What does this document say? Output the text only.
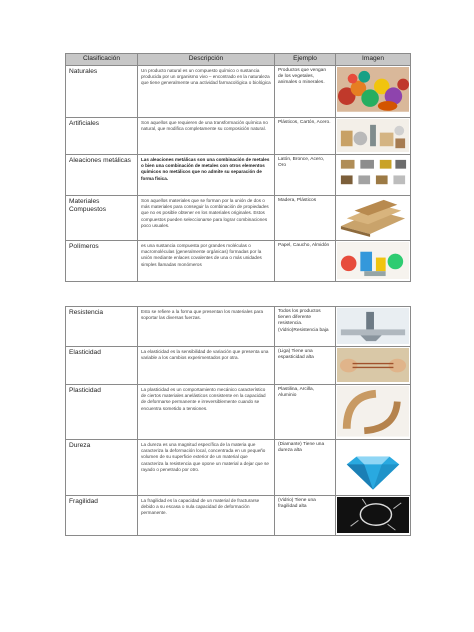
Clasificación	Descripción	Ejemplo	Imagen
Naturales	Un producto natural es un compuesto químico o sustancia producida por un organismo vivo – encontrado en la naturaleza que tiene generalmente una actividad farmacológica o biológica	Productos que vengan de los vegetales, animales o minerales.	

Artificiales	Son aquellos que requieren de una transformación química no natural, que modifica completamente su composición natural.	Plásticos, Cartón, Acero.	

Aleaciones metálicas	Las aleaciones metálicas son una combinación de metales o bien una combinación de metales con otros elementos químicos no metálicos que no admite su separación de forma física.	Latón, Bronce, Acero, Oro	

Materiales Compuestos	Son aquellos materiales que se forman por la unión de dos o más materiales para conseguir la combinación de propiedades que no es posible obtener en los materiales originales. Estos compuestos pueden seleccionarse para lograr combinaciones poco usuales.	Madera, Plásticos	

Polímeros	es una sustancia compuesta por grandes moléculas o macromoléculas (generalmente orgánicas) formadas por la unión mediante enlaces covalentes de una o más unidades simples llamadas monómeros	Papel, Caucho, Almidón	
Resistencia	Esto se refiere a la forma que presentan los materiales para soportar las diversas fuerzas.	Todos los productos tienen diferente resistencia. (Vidrio)Resistencia baja	

Elasticidad	La elasticidad es la sensibilidad de variación que presenta una variable a los cambios experimentados por otra.	(Liga) Tiene una espasticidad alta	

Plasticidad	La plasticidad es un comportamiento mecánico característico de ciertos materiales anelásticos consistente en la capacidad de deformarse permanente e irreversiblemente cuando se encuentra sometido a tensiones.	Plastilina, Arcilla, Aluminio	

Dureza	La dureza es una magnitud específica de la materia que caracteriza la deformación local, concentrada en un pequeño volumen de su superficie exterior de un material que caracteriza la resistencia que opone un material a dejar que se rayado o penetrado por otro.	(Diamante) Tiene una dureza alta	

Fragilidad	La fragilidad es la capacidad de un material de fracturarse debido a su escasa o nula capacidad de deformación permanente.	(Vidrio) Tiene una fragilidad alta	
